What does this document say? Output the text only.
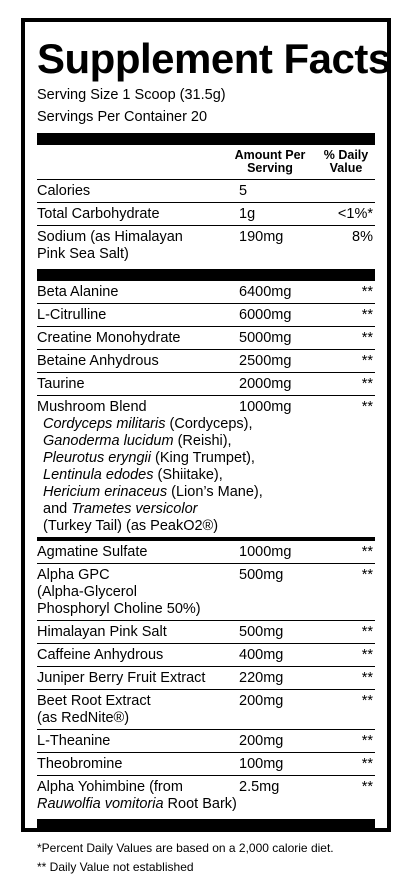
Supplement Facts
Serving Size 1 Scoop (31.5g)
Servings Per Container 20
Amount Per
Serving
% Daily
Value
Calories	5
Total Carbohydrate	1g	<1%*
Sodium (as Himalayan
Pink Sea Salt)
190mg	8%
Beta Alanine	6400mg	**
L-Citrulline	6000mg	**
Creatine Monohydrate	5000mg	**
Betaine Anhydrous	2500mg	**
Taurine	2000mg	**
Mushroom Blend
Cordyceps militaris (Cordyceps),
Ganoderma lucidum (Reishi),
Pleurotus eryngii (King Trumpet),
Lentinula edodes (Shiitake),
Hericium erinaceus (Lion’s Mane),
and Trametes versicolor
(Turkey Tail) (as PeakO2®)
1000mg	**
Agmatine Sulfate	1000mg	**
Alpha GPC
(Alpha-Glycerol
Phosphoryl Choline 50%)
500mg	**
Himalayan Pink Salt	500mg	**
Caffeine Anhydrous	400mg	**
Juniper Berry Fruit Extract	220mg	**
Beet Root Extract
(as RedNite®)
200mg	**
L-Theanine	200mg	**
Theobromine	100mg	**
Alpha Yohimbine (from
Rauwolfia vomitoria Root Bark)
2.5mg	**
*Percent Daily Values are based on a 2,000 calorie diet.
** Daily Value not established
